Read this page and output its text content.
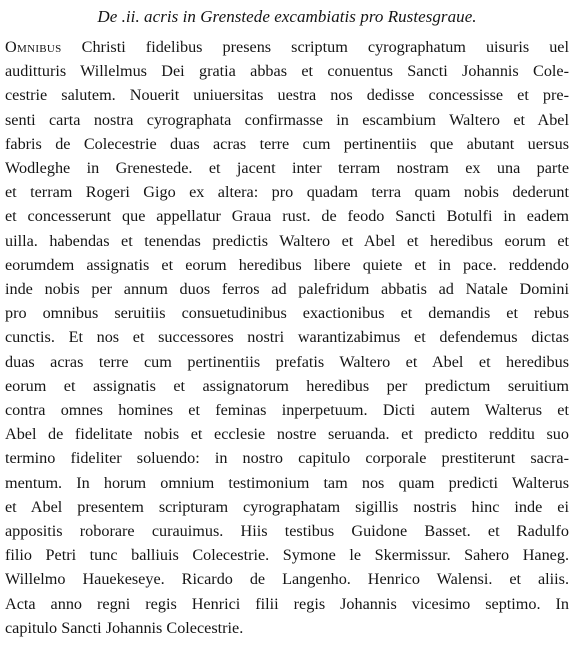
De .ii. acris in Grenstede excambiatis pro Rustesgraue.
Omnibus Christi fidelibus presens scriptum cyrographatum uisuris uel
auditturis Willelmus Dei gratia abbas et conuentus Sancti Johannis Cole-
cestrie salutem. Nouerit uniuersitas uestra nos dedisse concessisse et pre-
senti carta nostra cyrographata confirmasse in escambium Waltero et Abel
fabris de Colecestrie duas acras terre cum pertinentiis que abutant uersus
Wodleghe in Grenestede. et jacent inter terram nostram ex una parte
et terram Rogeri Gigo ex altera: pro quadam terra quam nobis dederunt
et concesserunt que appellatur Graua rust. de feodo Sancti Botulfi in eadem
uilla. habendas et tenendas predictis Waltero et Abel et heredibus eorum et
eorumdem assignatis et eorum heredibus libere quiete et in pace. reddendo
inde nobis per annum duos ferros ad palefridum abbatis ad Natale Domini
pro omnibus seruitiis consuetudinibus exactionibus et demandis et rebus
cunctis. Et nos et successores nostri warantizabimus et defendemus dictas
duas acras terre cum pertinentiis prefatis Waltero et Abel et heredibus
eorum et assignatis et assignatorum heredibus per predictum seruitium
contra omnes homines et feminas inperpetuum. Dicti autem Walterus et
Abel de fidelitate nobis et ecclesie nostre seruanda. et predicto redditu suo
termino fideliter soluendo: in nostro capitulo corporale prestiterunt sacra-
mentum. In horum omnium testimonium tam nos quam predicti Walterus
et Abel presentem scripturam cyrographatam sigillis nostris hinc inde ei
appositis roborare curauimus. Hiis testibus Guidone Basset. et Radulfo
filio Petri tunc balliuis Colecestrie. Symone le Skermissur. Sahero Haneg.
Willelmo Hauekeseye. Ricardo de Langenho. Henrico Walensi. et aliis.
Acta anno regni regis Henrici filii regis Johannis vicesimo septimo. In
capitulo Sancti Johannis Colecestrie.
